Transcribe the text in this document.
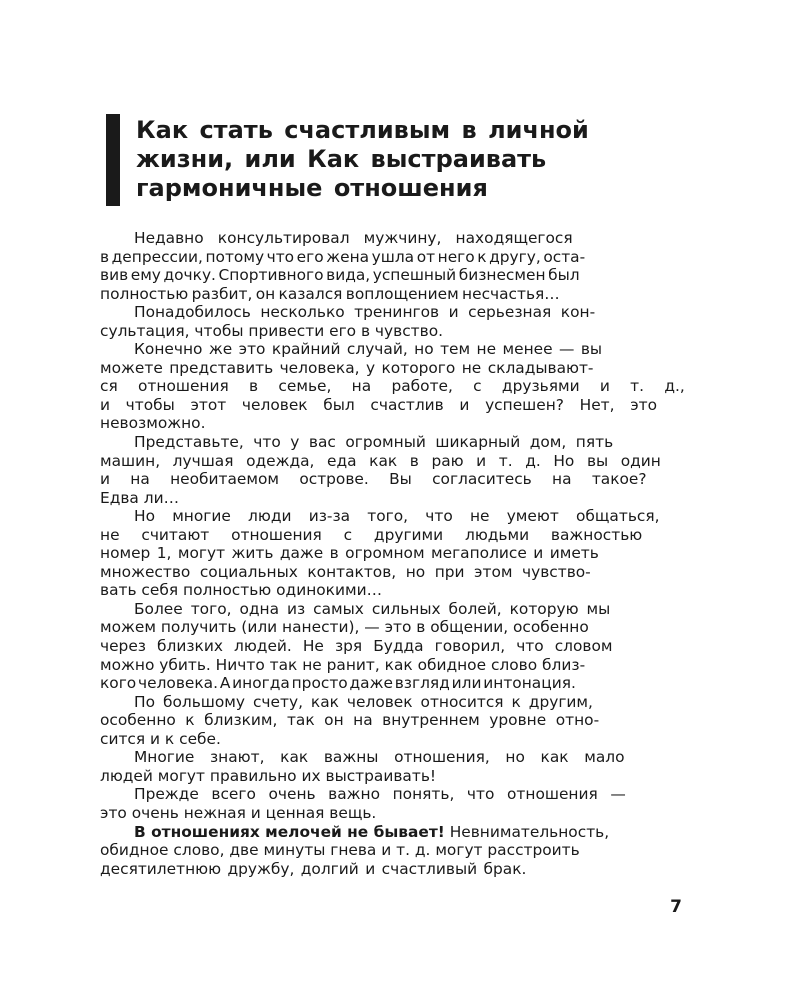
Как стать счастливым в личной
жизни, или Как выстраивать
гармоничные отношения
Недавно консультировал мужчину, находящегося
в депрессии, потому что его жена ушла от него к другу, оста-
вив ему дочку. Спортивного вида, успешный бизнесмен был
полностью разбит, он казался воплощением несчастья…
Понадобилось несколько тренингов и серьезная кон-
сультация, чтобы привести его в чувство.
Конечно же это крайний случай, но тем не менее — вы
можете представить человека, у которого не складывают-
ся отношения в семье, на работе, с друзьями и т. д.,
и чтобы этот человек был счастлив и успешен? Нет, это
невозможно.
Представьте, что у вас огромный шикарный дом, пять
машин, лучшая одежда, еда как в раю и т. д. Но вы один
и на необитаемом острове. Вы согласитесь на такое?
Едва ли…
Но многие люди из-за того, что не умеют общаться,
не считают отношения с другими людьми важностью
номер 1, могут жить даже в огромном мегаполисе и иметь
множество социальных контактов, но при этом чувство-
вать себя полностью одинокими…
Более того, одна из самых сильных болей, которую мы
можем получить (или нанести), — это в общении, особенно
через близких людей. Не зря Будда говорил, что словом
можно убить. Ничто так не ранит, как обидное слово близ-
кого человека. А иногда просто даже взгляд или интонация.
По большому счету, как человек относится к другим,
особенно к близким, так он на внутреннем уровне отно-
сится и к себе.
Многие знают, как важны отношения, но как мало
людей могут правильно их выстраивать!
Прежде всего очень важно понять, что отношения —
это очень нежная и ценная вещь.
В отношениях мелочей не бывает! Невнимательность,
обидное слово, две минуты гнева и т. д. могут расстроить
десятилетнюю дружбу, долгий и счастливый брак.
7
